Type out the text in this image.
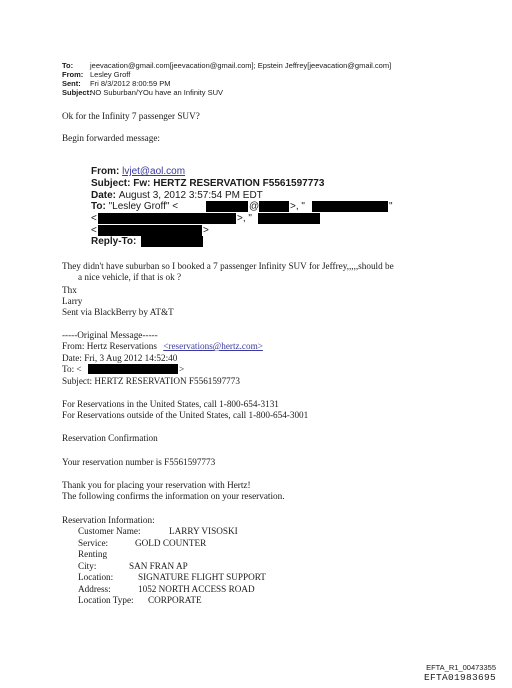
To: jeevacation@gmail.com[jeevacation@gmail.com]; Epstein Jeffrey[jeevacation@gmail.com]
From: Lesley Groff
Sent: Fri 8/3/2012 8:00:59 PM
Subject:
NO Suburban/YOu have an Infinity SUV
Ok for the Infinity 7 passenger SUV?
Begin forwarded message:
From: lvjet@aol.com
Subject: Fw: HERTZ RESERVATION F5561597773
Date: August 3, 2012 3:57:54 PM EDT
To: "Lesley Groff" <	@	>, "	"
<	>, "
<	>
Reply-To:
They didn't have suburban so I booked a 7 passenger Infinity SUV for Jeffrey,,,,,should be
a nice vehicle, if that is ok ?
Thx
Larry
Sent via BlackBerry by AT&T
-----Original Message-----
From: Hertz Reservations <reservations@hertz.com>
Date: Fri, 3 Aug 2012 14:52:40
To: <	>
Subject: HERTZ RESERVATION F5561597773
For Reservations in the United States, call 1-800-654-3131
For Reservations outside of the United States, call 1-800-654-3001
Reservation Confirmation
Your reservation number is F5561597773
Thank you for placing your reservation with Hertz!
The following confirms the information on your reservation.
Reservation Information:
Customer Name:	LARRY VISOSKI
Service:	GOLD COUNTER
Renting
City:	SAN FRAN AP
Location:	SIGNATURE FLIGHT SUPPORT
Address:	1052 NORTH ACCESS ROAD
Location Type: CORPORATE
EFTA_R1_00473355
EFTA01983695
